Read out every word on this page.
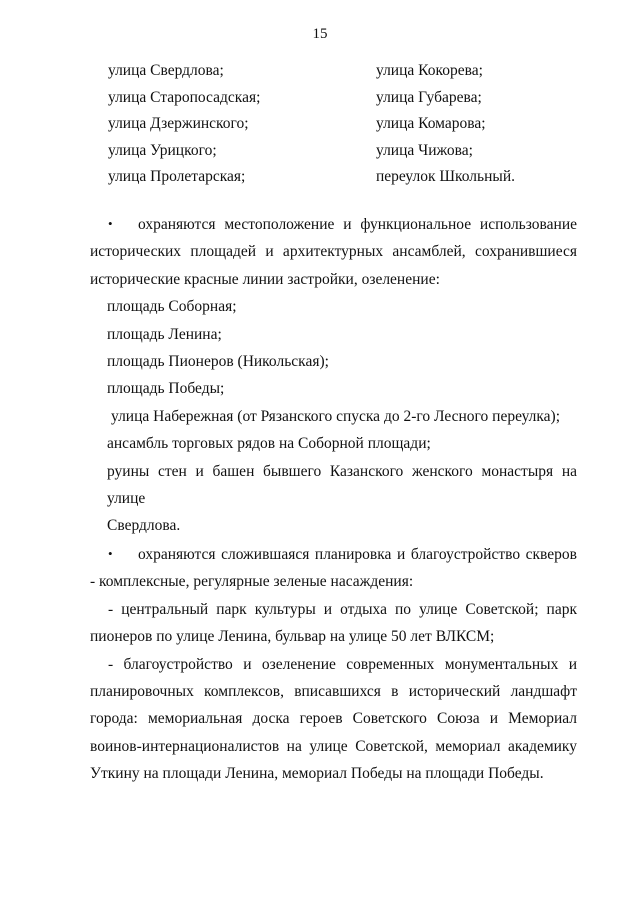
15
улица Свердлова;	улица Кокорева;
улица Старопосадская;	улица Губарева;
улица Дзержинского;	улица Комарова;
улица Урицкого;	улица Чижова;
улица Пролетарская;	переулок Школьный.

• охраняются местоположение и функциональное использование исторических площадей и архитектурных ансамблей, сохранившиеся исторические красные линии застройки, озеленение:

площадь Соборная;
площадь Ленина;
площадь Пионеров (Никольская);
площадь Победы;
улица Набережная (от Рязанского спуска до 2-го Лесного переулка);
ансамбль торговых рядов на Соборной площади;
руины стен и башен бывшего Казанского женского монастыря на улице
Свердлова.

• охраняются сложившаяся планировка и благоустройство скверов - комплексные, регулярные зеленые насаждения:

- центральный парк культуры и отдыха по улице Советской; парк пионеров по улице Ленина, бульвар на улице 50 лет ВЛКСМ;

- благоустройство и озеленение современных монументальных и планировочных комплексов, вписавшихся в исторический ландшафт города: мемориальная доска героев Советского Союза и Мемориал воинов-интернационалистов на улице Советской, мемориал академику Уткину на площади Ленина, мемориал Победы на площади Победы.
